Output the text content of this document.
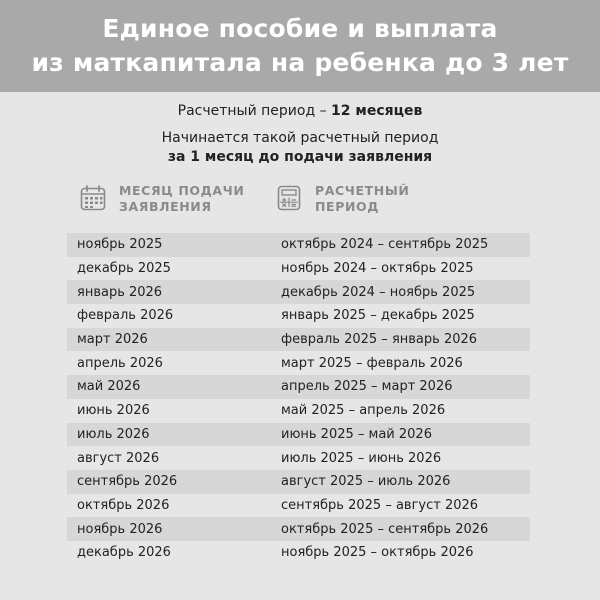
Единое пособие и выплата
из маткапитала на ребенка до 3 лет
Расчетный период – 12 месяцев
Начинается такой расчетный период
за 1 месяц до подачи заявления
МЕСЯЦ ПОДАЧИ
ЗАЯВЛЕНИЯ
РАСЧЕТНЫЙ
ПЕРИОД
ноябрь 2025	октябрь 2024 – сентябрь 2025
декабрь 2025	ноябрь 2024 – октябрь 2025
январь 2026	декабрь 2024 – ноябрь 2025
февраль 2026	январь 2025 – декабрь 2025
март 2026	февраль 2025 – январь 2026
апрель 2026	март 2025 – февраль 2026
май 2026	апрель 2025 – март 2026
июнь 2026	май 2025 – апрель 2026
июль 2026	июнь 2025 – май 2026
август 2026	июль 2025 – июнь 2026
сентябрь 2026	август 2025 – июль 2026
октябрь 2026	сентябрь 2025 – август 2026
ноябрь 2026	октябрь 2025 – сентябрь 2026
декабрь 2026	ноябрь 2025 – октябрь 2026
